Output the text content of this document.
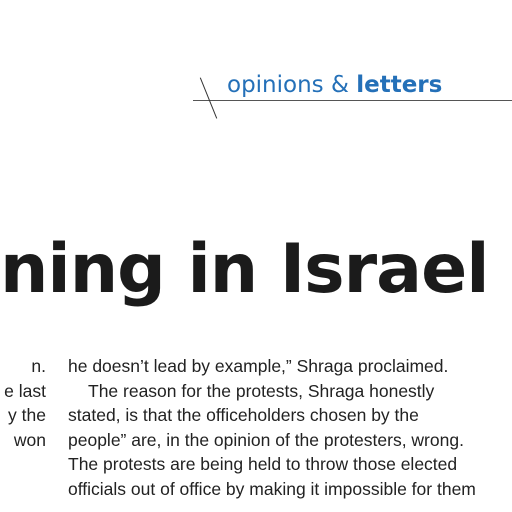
opinions & letters
ning in Israel
n.
e last
y the
won
he doesn’t lead by example,” Shraga proclaimed.
The reason for the protests, Shraga honestly
stated, is that the officeholders chosen by the
people” are, in the opinion of the protesters, wrong.
The protests are being held to throw those elected
officials out of office by making it impossible for them
